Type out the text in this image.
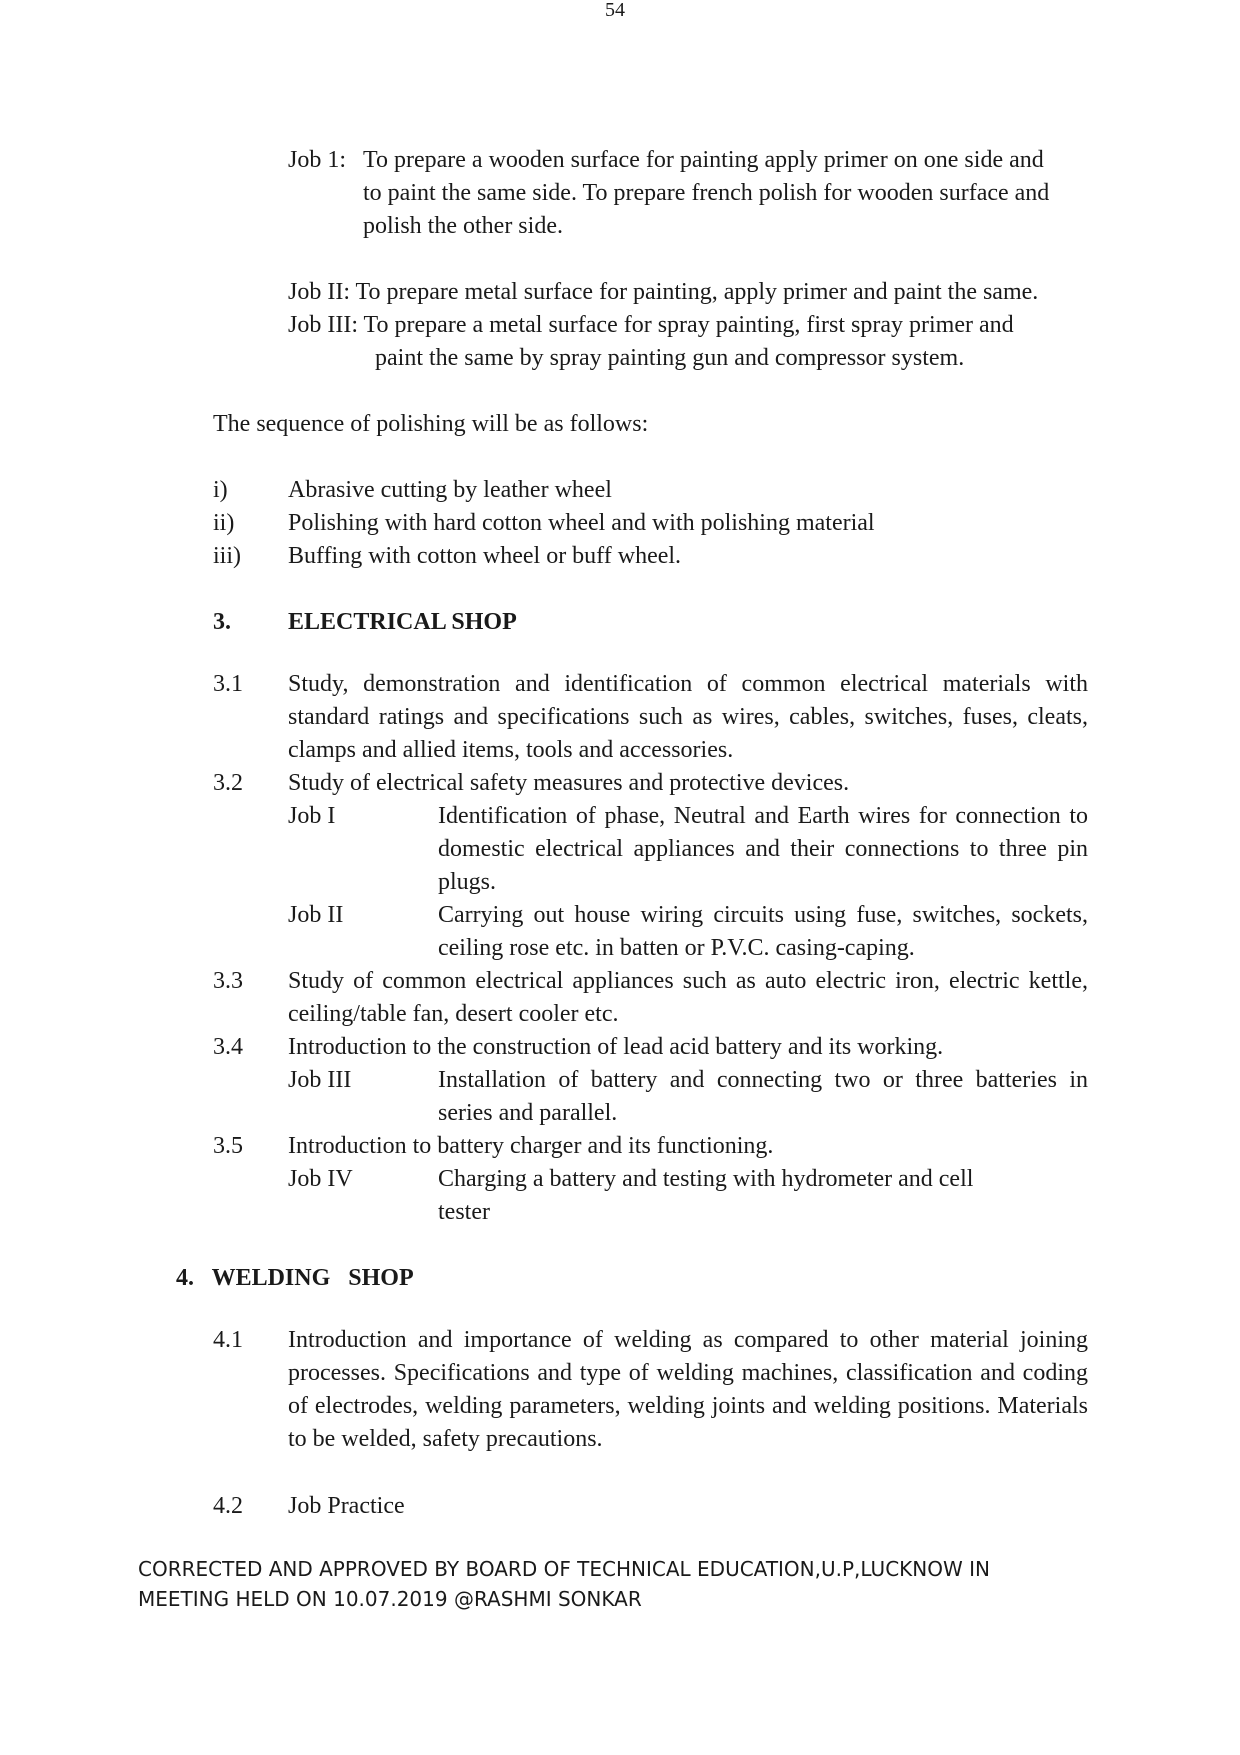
54
Job 1: To prepare a wooden surface for painting apply primer on one side and
to paint the same side. To prepare french polish for wooden surface and
polish the other side.
Job II: To prepare metal surface for painting, apply primer and paint the same.
Job III: To prepare a metal surface for spray painting, first spray primer and
paint the same by spray painting gun and compressor system.
The sequence of polishing will be as follows:
i)	Abrasive cutting by leather wheel
ii) Polishing with hard cotton wheel and with polishing material
iii) Buffing with cotton wheel or buff wheel.
3. ELECTRICAL SHOP
3.1 Study, demonstration and identification of common electrical materials with standard ratings and specifications such as wires, cables, switches, fuses, cleats, clamps and allied items, tools and accessories.
3.2 Study of electrical safety measures and protective devices.
Job I	Identification of phase, Neutral and Earth wires for connection to domestic electrical appliances and their connections to three pin plugs.
Job II	Carrying out house wiring circuits using fuse, switches, sockets, ceiling rose etc. in batten or P.V.C. casing-caping.
3.3 Study of common electrical appliances such as auto electric iron, electric kettle, ceiling/table fan, desert cooler etc.
3.4 Introduction to the construction of lead acid battery and its working.
Job III	Installation of battery and connecting two or three batteries in series and parallel.
3.5 Introduction to battery charger and its functioning.
Job IV	Charging a battery and testing with hydrometer and cell
tester
4.   WELDING   SHOP
4.1 Introduction and importance of welding as compared to other material joining processes. Specifications and type of welding machines, classification and coding of electrodes, welding parameters, welding joints and welding positions. Materials to be welded, safety precautions.
4.2 Job Practice
CORRECTED AND APPROVED BY BOARD OF TECHNICAL EDUCATION,U.P,LUCKNOW IN
MEETING HELD ON 10.07.2019 @RASHMI SONKAR
